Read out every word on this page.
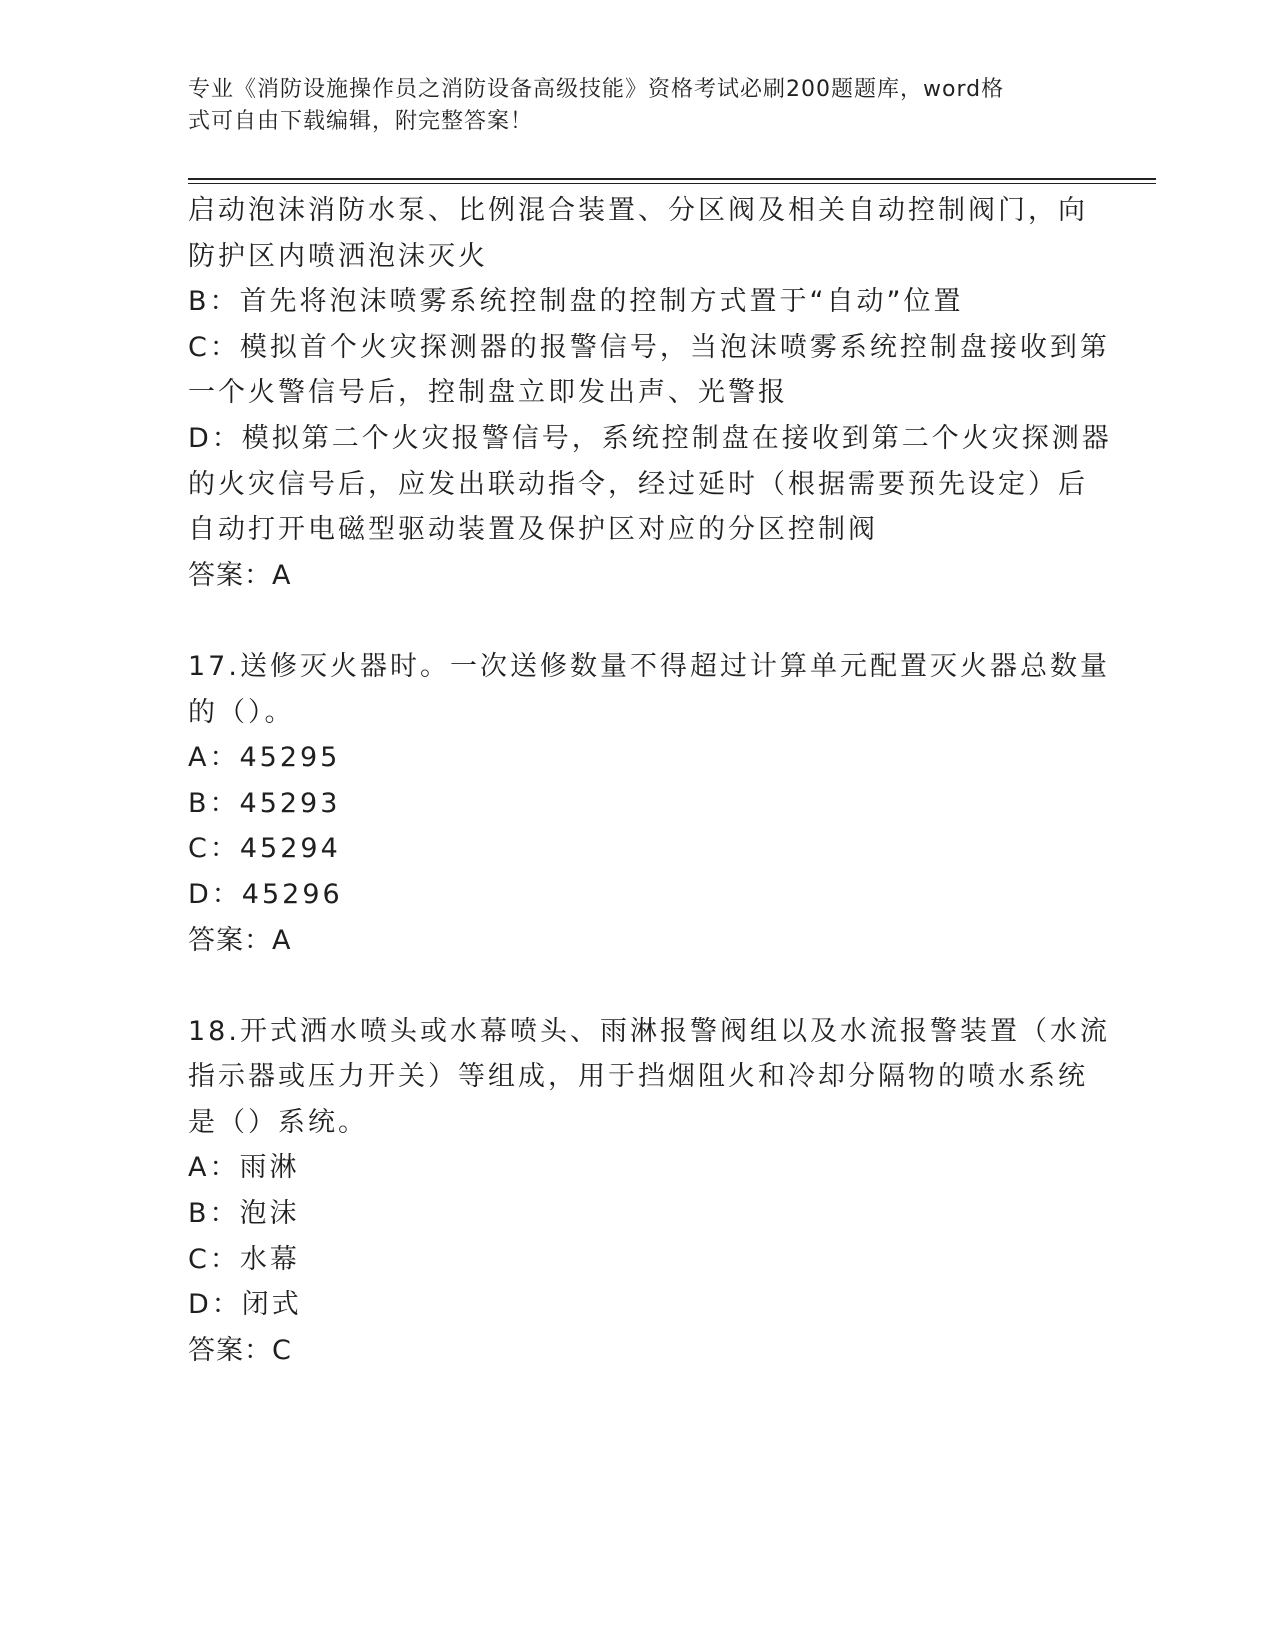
专业《消防设施操作员之消防设备高级技能》资格考试必刷200题题库，word格
式可自由下载编辑，附完整答案！
启动泡沫消防水泵、比例混合装置、分区阀及相关自动控制阀门，向
防护区内喷洒泡沫灭火
B：首先将泡沫喷雾系统控制盘的控制方式置于“自动”位置
C：模拟首个火灾探测器的报警信号，当泡沫喷雾系统控制盘接收到第
一个火警信号后，控制盘立即发出声、光警报
D：模拟第二个火灾报警信号，系统控制盘在接收到第二个火灾探测器
的火灾信号后，应发出联动指令，经过延时（根据需要预先设定）后
自动打开电磁型驱动装置及保护区对应的分区控制阀
答案：A
17.送修灭火器时。一次送修数量不得超过计算单元配置灭火器总数量
的（）。
A：45295
B：45293
C：45294
D：45296
答案：A
18.开式洒水喷头或水幕喷头、雨淋报警阀组以及水流报警装置（水流
指示器或压力开关）等组成，用于挡烟阻火和冷却分隔物的喷水系统
是（）系统。
A：雨淋
B：泡沫
C：水幕
D：闭式
答案：C
